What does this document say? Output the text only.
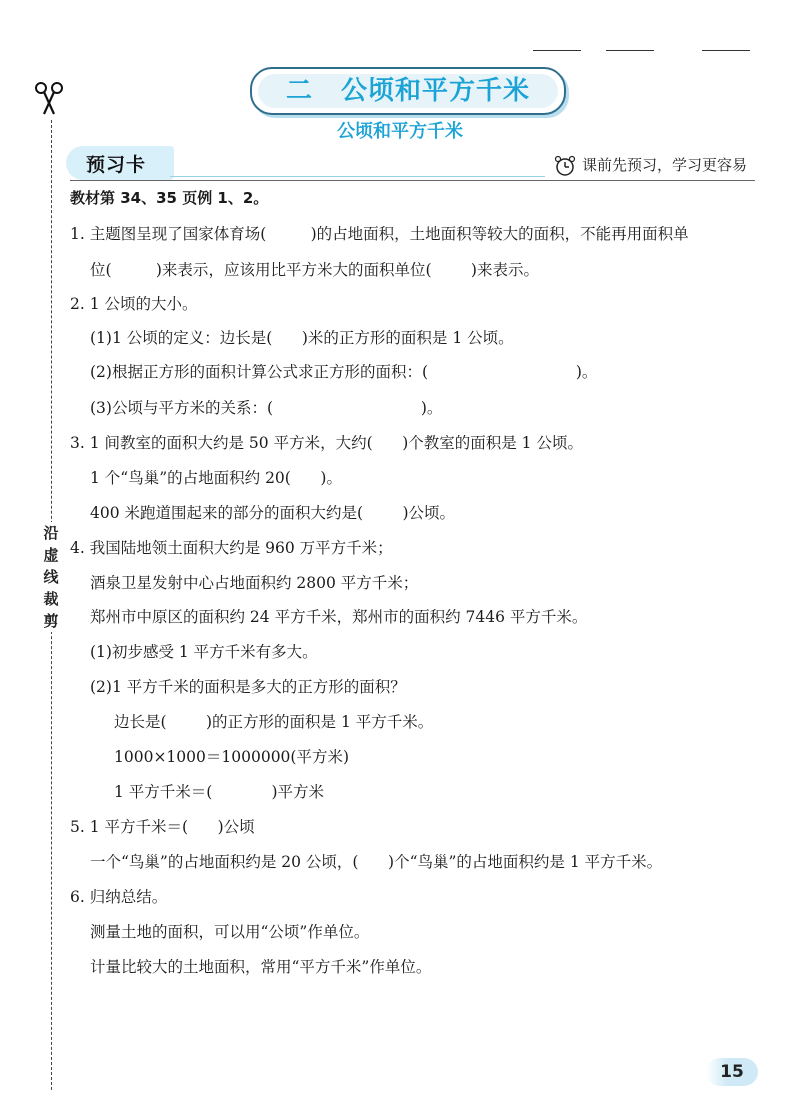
沿
虚
线
裁
剪
二 公顷和平方千米
公顷和平方千米
预习卡	课前先预习，学习更容易
教材第 34、35 页例 1、2。
1. 主题图呈现了国家体育场(         )的占地面积，土地面积等较大的面积，不能再用面积单
位(         )来表示，应该用比平方米大的面积单位(        )来表示。
2. 1 公顷的大小。
(1)1 公顷的定义：边长是(      )米的正方形的面积是 1 公顷。
(2)根据正方形的面积计算公式求正方形的面积：(                              )。
(3)公顷与平方米的关系：(                              )。
3. 1 间教室的面积大约是 50 平方米，大约(      )个教室的面积是 1 公顷。
1 个“鸟巢”的占地面积约 20(      )。
400 米跑道围起来的部分的面积大约是(        )公顷。
4. 我国陆地领土面积大约是 960 万平方千米；
酒泉卫星发射中心占地面积约 2800 平方千米；
郑州市中原区的面积约 24 平方千米，郑州市的面积约 7446 平方千米。
(1)初步感受 1 平方千米有多大。
(2)1 平方千米的面积是多大的正方形的面积？
边长是(        )的正方形的面积是 1 平方千米。
1000×1000＝1000000(平方米)
1 平方千米＝(            )平方米
5. 1 平方千米＝(      )公顷
一个“鸟巢”的占地面积约是 20 公顷，(      )个“鸟巢”的占地面积约是 1 平方千米。
6. 归纳总结。
测量土地的面积，可以用“公顷”作单位。
计量比较大的土地面积，常用“平方千米”作单位。
15
